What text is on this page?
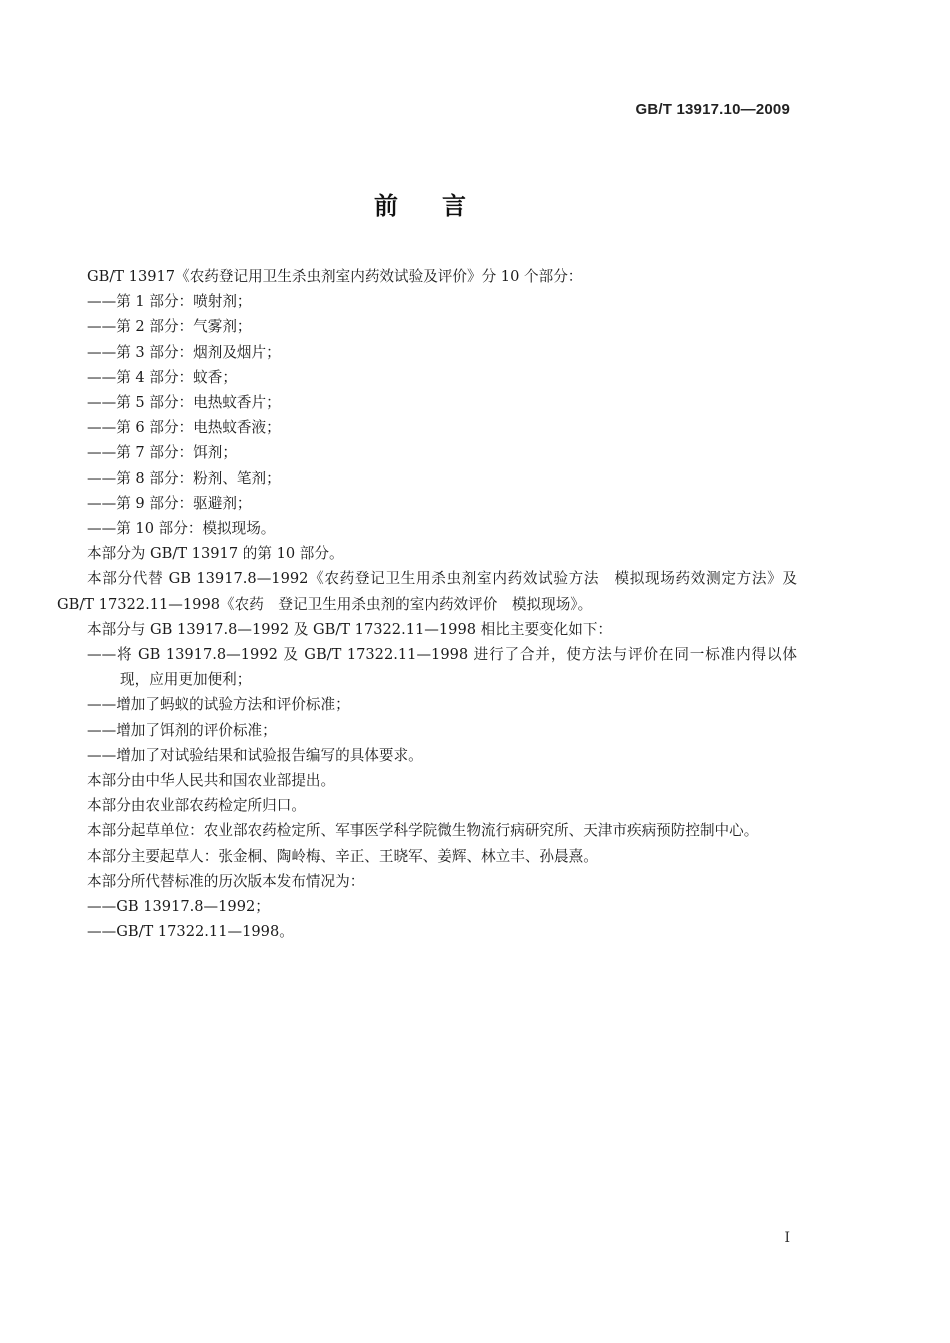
GB/T 13917.10—2009
前言

GB/T 13917《农药登记用卫生杀虫剂室内药效试验及评价》分 10 个部分：

——第 1 部分：喷射剂；

——第 2 部分：气雾剂；

——第 3 部分：烟剂及烟片；

——第 4 部分：蚊香；

——第 5 部分：电热蚊香片；

——第 6 部分：电热蚊香液；

——第 7 部分：饵剂；

——第 8 部分：粉剂、笔剂；

——第 9 部分：驱避剂；

——第 10 部分：模拟现场。

本部分为 GB/T 13917 的第 10 部分。

本部分代替 GB 13917.8—1992《农药登记卫生用杀虫剂室内药效试验方法　模拟现场药效测定方法》及 GB/T 17322.11—1998《农药　登记卫生用杀虫剂的室内药效评价　模拟现场》。

本部分与 GB 13917.8—1992 及 GB/T 17322.11—1998 相比主要变化如下：

——将 GB 13917.8—1992 及 GB/T 17322.11—1998 进行了合并，使方法与评价在同一标准内得以体现，应用更加便利；

——增加了蚂蚁的试验方法和评价标准；

——增加了饵剂的评价标准；

——增加了对试验结果和试验报告编写的具体要求。

本部分由中华人民共和国农业部提出。

本部分由农业部农药检定所归口。

本部分起草单位：农业部农药检定所、军事医学科学院微生物流行病研究所、天津市疾病预防控制中心。

本部分主要起草人：张金桐、陶岭梅、辛正、王晓军、姜辉、林立丰、孙晨熹。

本部分所代替标准的历次版本发布情况为：

——GB 13917.8—1992；

——GB/T 17322.11—1998。

I
